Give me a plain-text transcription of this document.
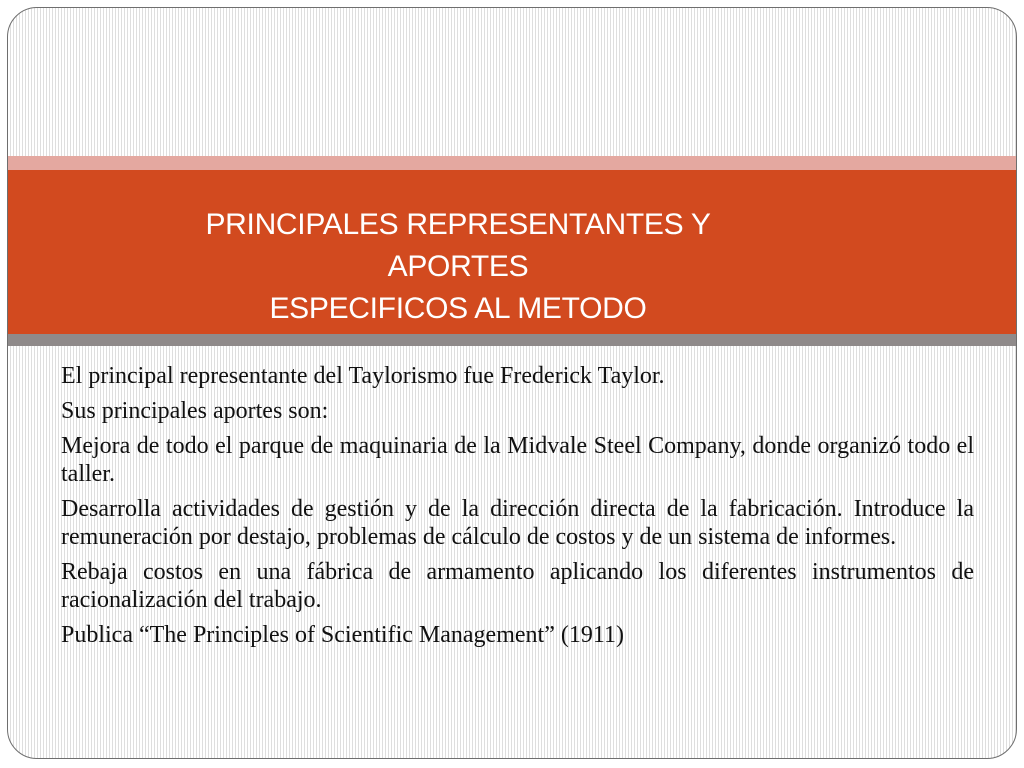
PRINCIPALES REPRESENTANTES Y APORTES
ESPECIFICOS AL METODO

El principal representante del Taylorismo fue Frederick Taylor.

Sus principales aportes son:

Mejora de todo el parque de maquinaria de la Midvale Steel Company, donde organizó todo el taller.

Desarrolla actividades de gestión y de la dirección directa de la fabricación. Introduce la remuneración por destajo, problemas de cálculo de costos y de un sistema de informes.

Rebaja costos en una fábrica de armamento aplicando los diferentes instrumentos de racionalización del trabajo.

Publica “The Principles of Scientific Management” (1911)
